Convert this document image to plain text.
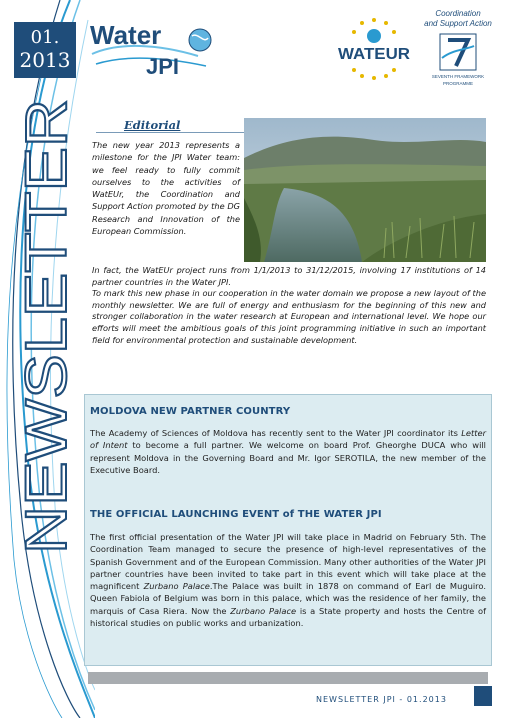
01.
2013
NEWSLETTER
Water
JPI	WATEUR
Coordination
and Support Action
SEVENTH FRAMEWORK
PROGRAMME
Editorial

The new year 2013 represents a milestone for the JPI Water team: we feel ready to fully commit ourselves to the activities of WatEUr, the Coordination and Support Action promoted by the DG Research and Innovation of the European Commission.

In fact, the WatEUr project runs from 1/1/2013 to 31/12/2015, involving 17 institutions of 14 partner countries in the Water JPI.

To mark this new phase in our cooperation in the water domain we propose a new layout of the monthly newsletter. We are full of energy and enthusiasm for the beginning of this new and stronger collaboration in the water research at European and international level. We hope our efforts will meet the ambitious goals of this joint programming initiative in such an important field for environmental protection and sustainable development.

MOLDOVA NEW PARTNER COUNTRY

The Academy of Sciences of Moldova has recently sent to the Water JPI coordinator its Letter of Intent to become a full partner. We welcome on board Prof. Gheorghe DUCA who will represent Moldova in the Governing Board and Mr. Igor SEROTILA, the new member of the Executive Board.

THE OFFICIAL LAUNCHING EVENT of THE WATER JPI

The first official presentation of the Water JPI will take place in Madrid on February 5th. The Coordination Team managed to secure the presence of high-level representatives of the Spanish Government and of the European Commission. Many other authorities of the Water JPI partner countries have been invited to take part in this event which will take place at the magnificent Zurbano Palace.The Palace was built in 1878 on command of Earl de Muguiro. Queen Fabiola of Belgium was born in this palace, which was the residence of her family, the marquis of Casa Riera. Now the Zurbano Palace is a State property and hosts the Centre of historical studies on public works and urbanization.

NEWSLETTER JPI - 01.2013
